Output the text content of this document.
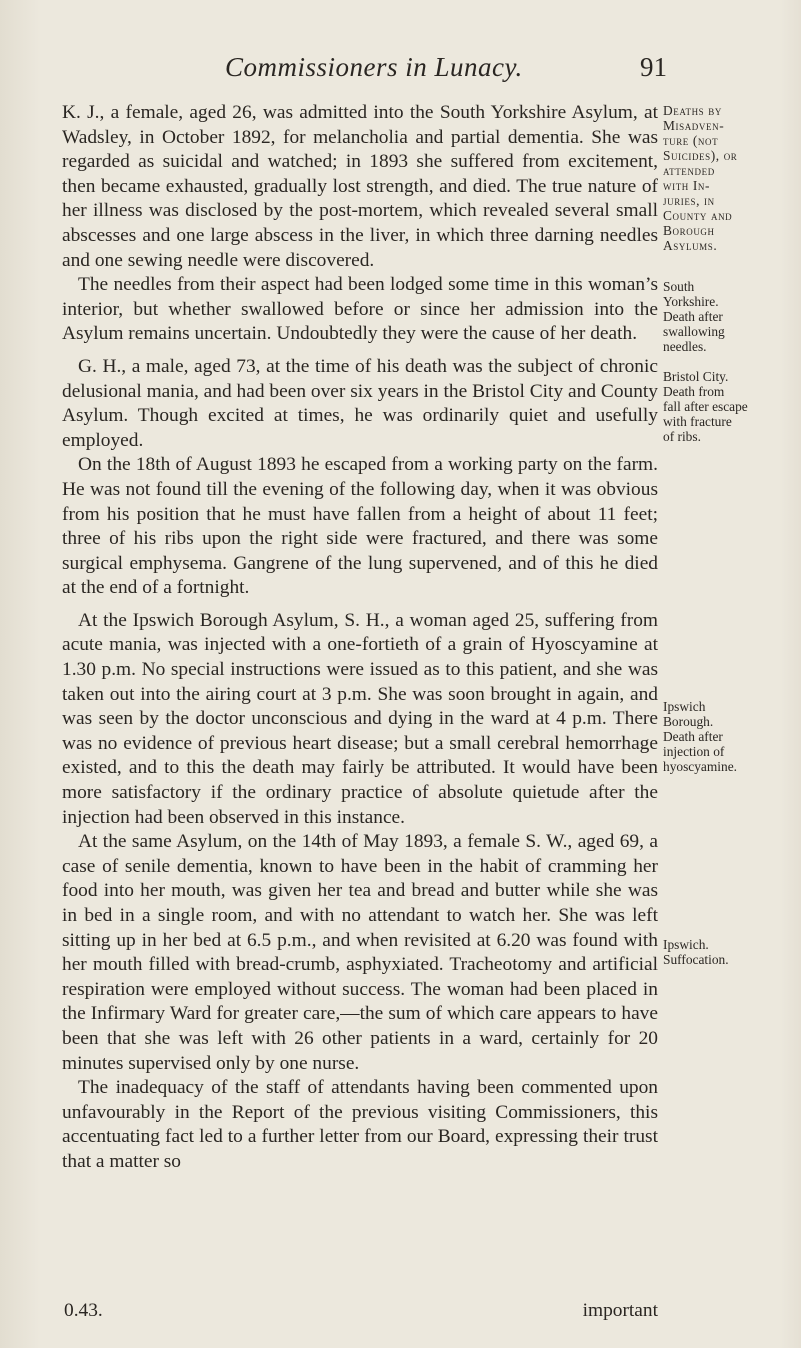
Commissioners in Lunacy.	91

K. J., a female, aged 26, was admitted into the South Yorkshire Asylum, at Wadsley, in October 1892, for melancholia and partial dementia. She was regarded as suicidal and watched; in 1893 she suffered from excitement, then became exhausted, gradually lost strength, and died. The true nature of her illness was disclosed by the post-mortem, which revealed several small abscesses and one large abscess in the liver, in which three darning needles and one sewing needle were discovered.

The needles from their aspect had been lodged some time in this woman’s interior, but whether swallowed before or since her admission into the Asylum remains uncertain. Undoubtedly they were the cause of her death.

G. H., a male, aged 73, at the time of his death was the subject of chronic delusional mania, and had been over six years in the Bristol City and County Asylum. Though excited at times, he was ordinarily quiet and usefully employed.

On the 18th of August 1893 he escaped from a working party on the farm. He was not found till the evening of the following day, when it was obvious from his position that he must have fallen from a height of about 11 feet; three of his ribs upon the right side were fractured, and there was some surgical emphysema. Gangrene of the lung supervened, and of this he died at the end of a fortnight.

At the Ipswich Borough Asylum, S. H., a woman aged 25, suffering from acute mania, was injected with a one-fortieth of a grain of Hyoscyamine at 1.30 p.m. No special instructions were issued as to this patient, and she was taken out into the airing court at 3 p.m. She was soon brought in again, and was seen by the doctor unconscious and dying in the ward at 4 p.m. There was no evidence of previous heart disease; but a small cerebral hemorrhage existed, and to this the death may fairly be attributed. It would have been more satisfactory if the ordinary practice of absolute quietude after the injection had been observed in this instance.

At the same Asylum, on the 14th of May 1893, a female S. W., aged 69, a case of senile dementia, known to have been in the habit of cramming her food into her mouth, was given her tea and bread and butter while she was in bed in a single room, and with no attendant to watch her. She was left sitting up in her bed at 6.5 p.m., and when revisited at 6.20 was found with her mouth filled with bread-crumb, asphyxiated. Tracheotomy and artificial respiration were employed without success. The woman had been placed in the Infirmary Ward for greater care,—the sum of which care appears to have been that she was left with 26 other patients in a ward, certainly for 20 minutes supervised only by one nurse.

The inadequacy of the staff of attendants having been commented upon unfavourably in the Report of the previous visiting Commissioners, this accentuating fact led to a further letter from our Board, expressing their trust that a matter so

Deaths by
Misadven-
ture (not
Suicides), or
attended
with In-
juries, in
County and
Borough
Asylums.
South
Yorkshire.
Death after
swallowing
needles.
Bristol City.
Death from
fall after escape
with fracture
of ribs.
Ipswich
Borough.
Death after
injection of
hyoscyamine.
Ipswich.
Suffocation.
0.43.	important
